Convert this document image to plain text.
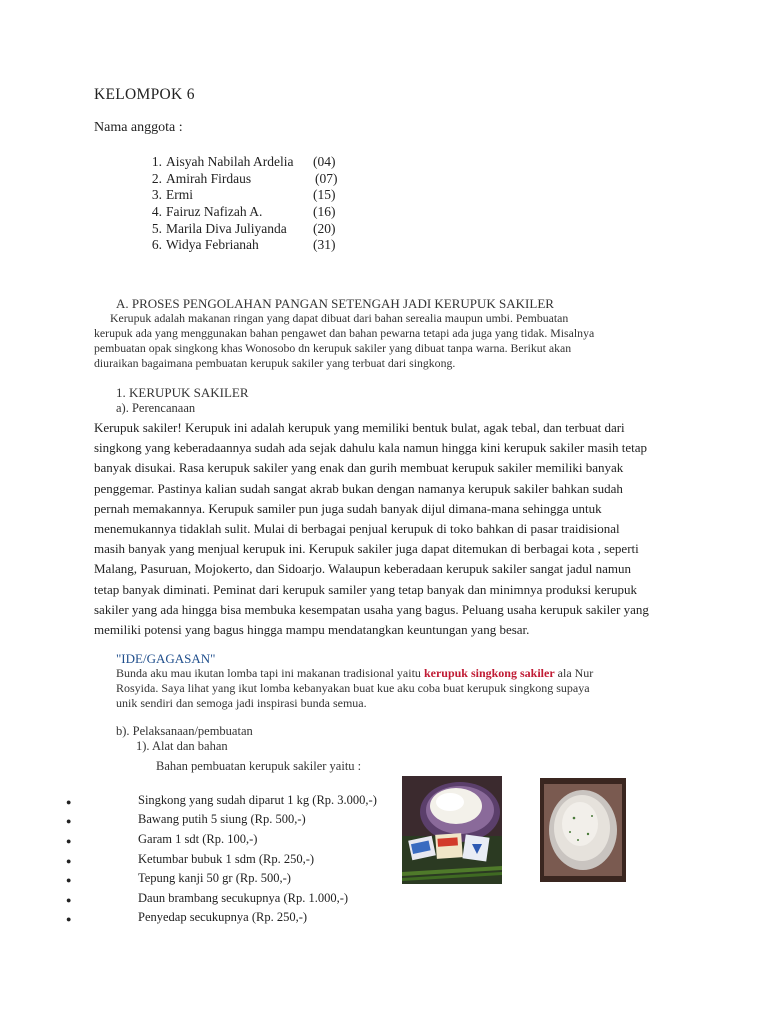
KELOMPOK 6
Nama anggota :
1. Aisyah Nabilah Ardelia (04)
2. Amirah Firdaus	(07)
3. Ermi	(15)
4. Fairuz Nafizah A.	(16)
5. Marila Diva Juliyanda (20)
6. Widya Febrianah	(31)
A. PROSES PENGOLAHAN PANGAN SETENGAH JADI KERUPUK SAKILER
Kerupuk adalah makanan ringan yang dapat dibuat dari bahan serealia maupun umbi. Pembuatan
kerupuk ada yang menggunakan bahan pengawet dan bahan pewarna tetapi ada juga yang tidak. Misalnya
pembuatan opak singkong khas Wonosobo dn kerupuk sakiler yang dibuat tanpa warna. Berikut akan
diuraikan bagaimana pembuatan kerupuk sakiler yang terbuat dari singkong.
1. KERUPUK SAKILER
a). Perencanaan
Kerupuk sakiler! Kerupuk ini adalah kerupuk yang memiliki bentuk bulat, agak tebal, dan terbuat dari
singkong yang keberadaannya sudah ada sejak dahulu kala namun hingga kini kerupuk sakiler masih tetap
banyak disukai. Rasa kerupuk sakiler yang enak dan gurih membuat kerupuk sakiler memiliki banyak
penggemar. Pastinya kalian sudah sangat akrab bukan dengan namanya kerupuk sakiler bahkan sudah
pernah memakannya. Kerupuk samiler pun juga sudah banyak dijul dimana-mana sehingga untuk
menemukannya tidaklah sulit. Mulai di berbagai penjual kerupuk di toko bahkan di pasar traidisional
masih banyak yang menjual kerupuk ini. Kerupuk sakiler juga dapat ditemukan di berbagai kota , seperti
Malang, Pasuruan, Mojokerto, dan Sidoarjo. Walaupun keberadaan kerupuk sakiler sangat jadul namun
tetap banyak diminati. Peminat dari kerupuk samiler yang tetap banyak dan minimnya produksi kerupuk
sakiler yang ada hingga bisa membuka kesempatan usaha yang bagus. Peluang usaha kerupuk sakiler yang
memiliki potensi yang bagus hingga mampu mendatangkan keuntungan yang besar.
"IDE/GAGASAN"
Bunda aku mau ikutan lomba tapi ini makanan tradisional yaitu kerupuk singkong sakiler ala Nur
Rosyida. Saya lihat yang ikut lomba kebanyakan buat kue aku coba buat kerupuk singkong supaya
unik sendiri dan semoga jadi inspirasi bunda semua.
b). Pelaksanaan/pembuatan
1). Alat dan bahan
Bahan pembuatan kerupuk sakiler yaitu :
●	Singkong yang sudah diparut 1 kg (Rp. 3.000,-)
●	Bawang putih 5 siung (Rp. 500,-)
●	Garam 1 sdt (Rp. 100,-)
●	Ketumbar bubuk 1 sdm (Rp. 250,-)
●	Tepung kanji 50 gr (Rp. 500,-)
●	Daun brambang secukupnya (Rp. 1.000,-)
●	Penyedap secukupnya (Rp. 250,-)
